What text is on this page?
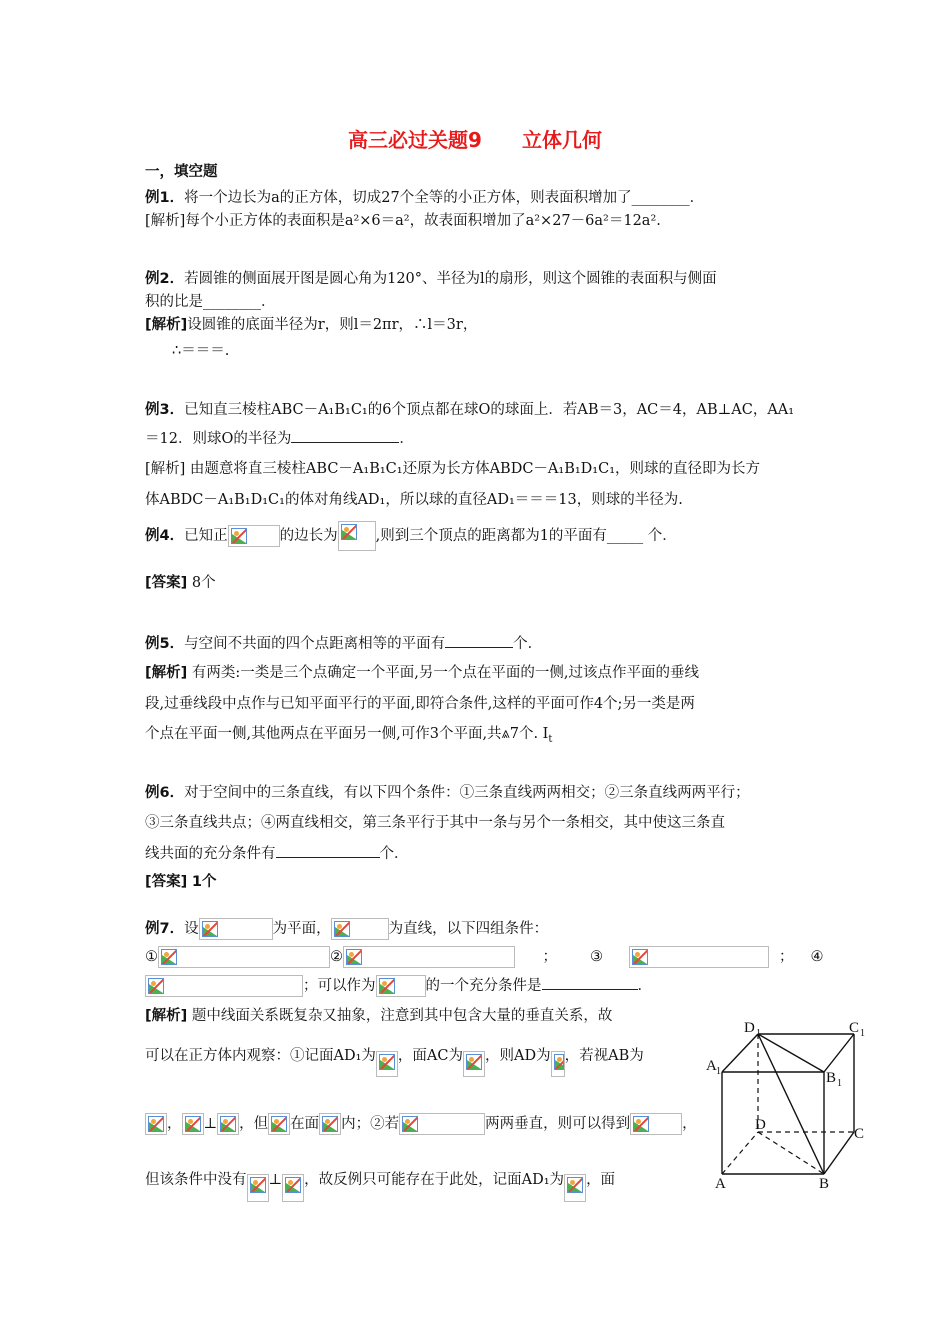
高三必过关题9　　立体几何
一，填空题
例1．将一个边长为a的正方体，切成27个全等的小正方体，则表面积增加了________．
[解析]每个小正方体的表面积是a²×6＝a²，故表面积增加了a²×27－6a²＝12a².
例2．若圆锥的侧面展开图是圆心角为120°、半径为l的扇形，则这个圆锥的表面积与侧面
积的比是________．
[解析]设圆锥的底面半径为r，则l＝2πr，∴l＝3r，
∴＝＝＝.
例3．已知直三棱柱ABC－A₁B₁C₁的6个顶点都在球O的球面上．若AB＝3，AC＝4，AB⊥AC，AA₁
＝12．则球O的半径为	．
[解析] 由题意将直三棱柱ABC－A₁B₁C₁还原为长方体ABDC－A₁B₁D₁C₁，则球的直径即为长方
体ABDC－A₁B₁D₁C₁的体对角线AD₁，所以球的直径AD₁＝＝＝13，则球的半径为.
例4．已知正	的边长为	,则到三个顶点的距离都为1的平面有_____ 个．
[答案] 8个
例5．与空间不共面的四个点距离相等的平面有	个．
[解析] 有两类:一类是三个点确定一个平面,另一个点在平面的一侧,过该点作平面的垂线
段,过垂线段中点作与已知平面平行的平面,即符合条件,这样的平面可作4个;另一类是两
个点在平面一侧,其他两点在平面另一侧,可作3个平面,共⩓7个. $I_t$
例6．对于空间中的三条直线，有以下四个条件：①三条直线两两相交；②三条直线两两平行；
③三条直线共点；④两直线相交，第三条平行于其中一条与另个一条相交，其中使这三条直
线共面的充分条件有	个．
[答案] 1个
例7．设	为平面，	为直线，以下四组条件：
①	②	； ③	； ④
；可以作为	的一个充分条件是	．
[解析] 题中线面关系既复杂又抽象，注意到其中包含大量的垂直关系，故
可以在正方体内观察：①记面AD₁为 ，面AC为 ，则AD为 ，若视AB为
， ⊥ ，但 在面 内；②若	两两垂直，则可以得到	，
但该条件中没有 ⊥ ，故反例只可能存在于此处，记面AD₁为 ，面
D 1	C 1
A 1	B 1
D
C
A	B
